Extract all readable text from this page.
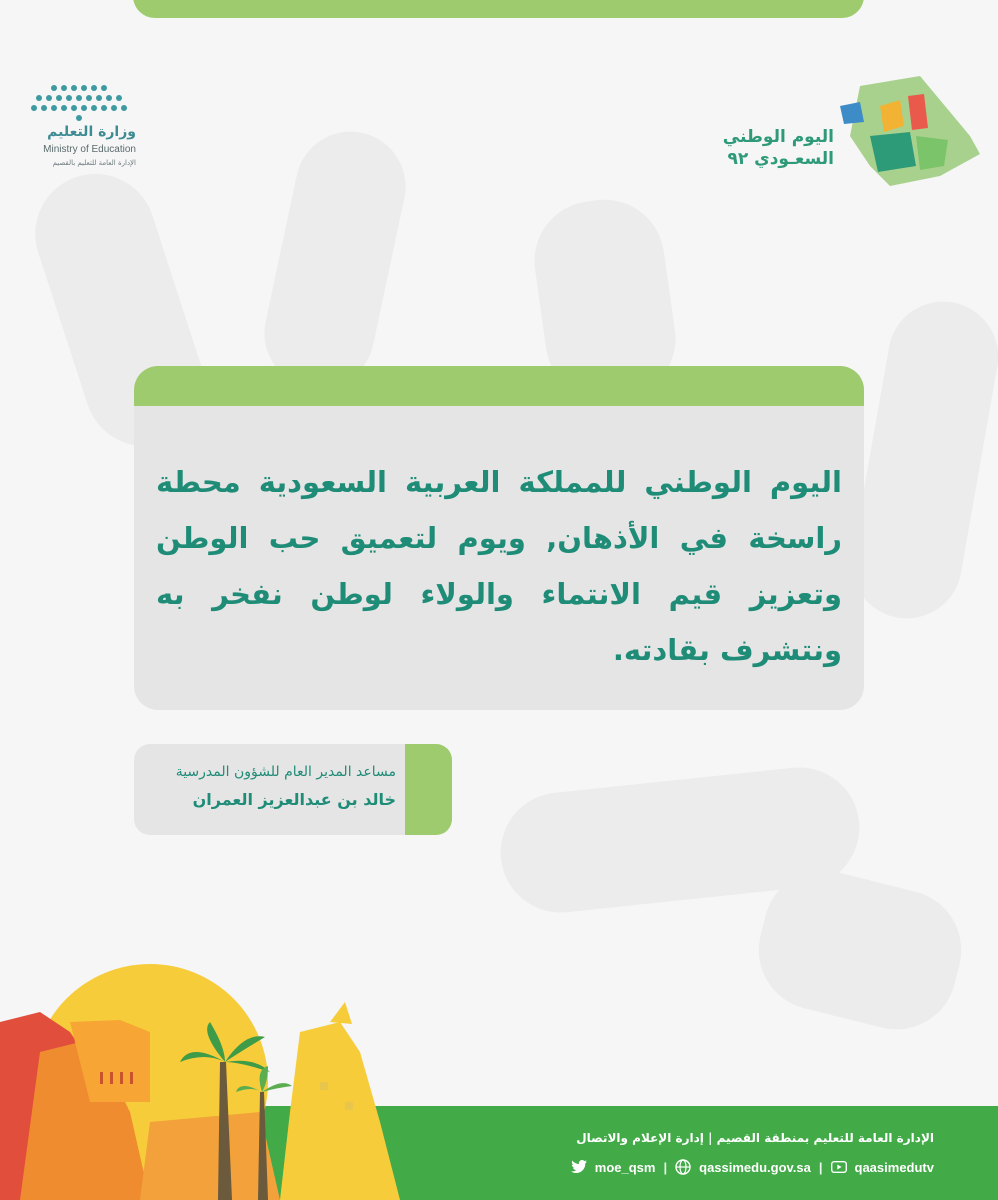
وزارة التعليم
Ministry of Education
الإدارة العامة للتعليم بالقصيم
اليوم الوطني
السعـودي ٩٢
اليوم الوطني للمملكة العربية السعودية محطة راسخة في الأذهان, ويوم لتعميق حب الوطن وتعزيز قيم الانتماء والولاء لوطن نفخر به ونتشرف بقادته.
مساعد المدير العام للشؤون المدرسية
خالد بن عبدالعزيز العمران
الإدارة العامة للتعليم بمنطقة القصيم | إدارة الإعلام والاتصال
moe_qsm | qassimedu.gov.sa | qaasimedutv
